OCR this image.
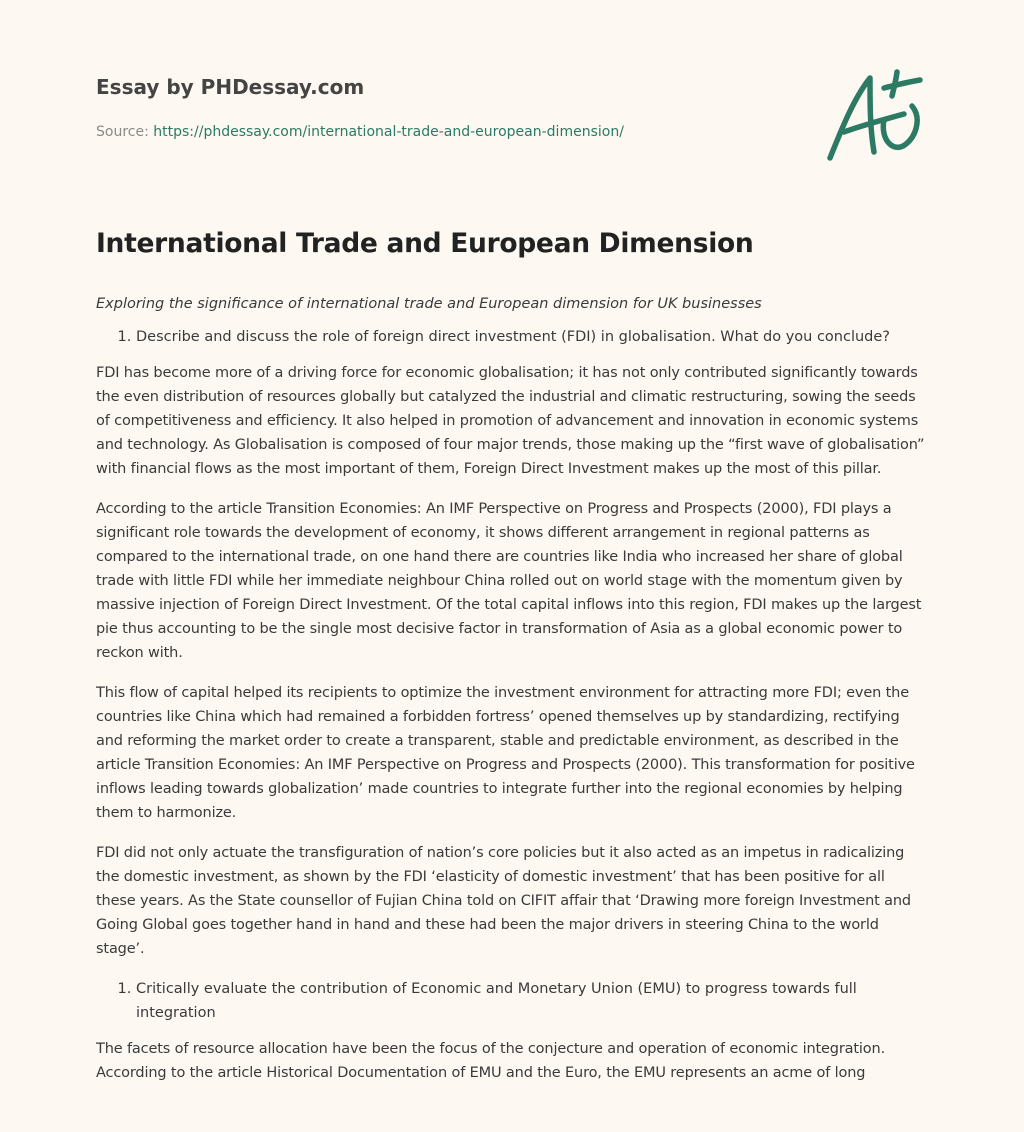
Essay by PHDessay.com
Source: https://phdessay.com/international-trade-and-european-dimension/
International Trade and European Dimension

Exploring the significance of international trade and European dimension for UK businesses

1. Describe and discuss the role of foreign direct investment (FDI) in globalisation. What do you conclude?

FDI has become more of a driving force for economic globalisation; it has not only contributed significantly towards the even distribution of resources globally but catalyzed the industrial and climatic restructuring, sowing the seeds of competitiveness and efficiency. It also helped in promotion of advancement and innovation in economic systems and technology. As Globalisation is composed of four major trends, those making up the “first wave of globalisation” with financial flows as the most important of them, Foreign Direct Investment makes up the most of this pillar.

According to the article Transition Economies: An IMF Perspective on Progress and Prospects (2000), FDI plays a significant role towards the development of economy, it shows different arrangement in regional patterns as compared to the international trade, on one hand there are countries like India who increased her share of global trade with little FDI while her immediate neighbour China rolled out on world stage with the momentum given by massive injection of Foreign Direct Investment. Of the total capital inflows into this region, FDI makes up the largest pie thus accounting to be the single most decisive factor in transformation of Asia as a global economic power to reckon with.

This flow of capital helped its recipients to optimize the investment environment for attracting more FDI; even the countries like China which had remained a forbidden fortress’ opened themselves up by standardizing, rectifying and reforming the market order to create a transparent, stable and predictable environment, as described in the article Transition Economies: An IMF Perspective on Progress and Prospects (2000). This transformation for positive inflows leading towards globalization’ made countries to integrate further into the regional economies by helping them to harmonize.

FDI did not only actuate the transfiguration of nation’s core policies but it also acted as an impetus in radicalizing the domestic investment, as shown by the FDI ‘elasticity of domestic investment’ that has been positive for all these years. As the State counsellor of Fujian China told on CIFIT affair that ‘Drawing more foreign Investment and Going Global goes together hand in hand and these had been the major drivers in steering China to the world stage’.

1. Critically evaluate the contribution of Economic and Monetary Union (EMU) to progress towards full integration

The facets of resource allocation have been the focus of the conjecture and operation of economic integration. According to the article Historical Documentation of EMU and the Euro, the EMU represents an acme of long
